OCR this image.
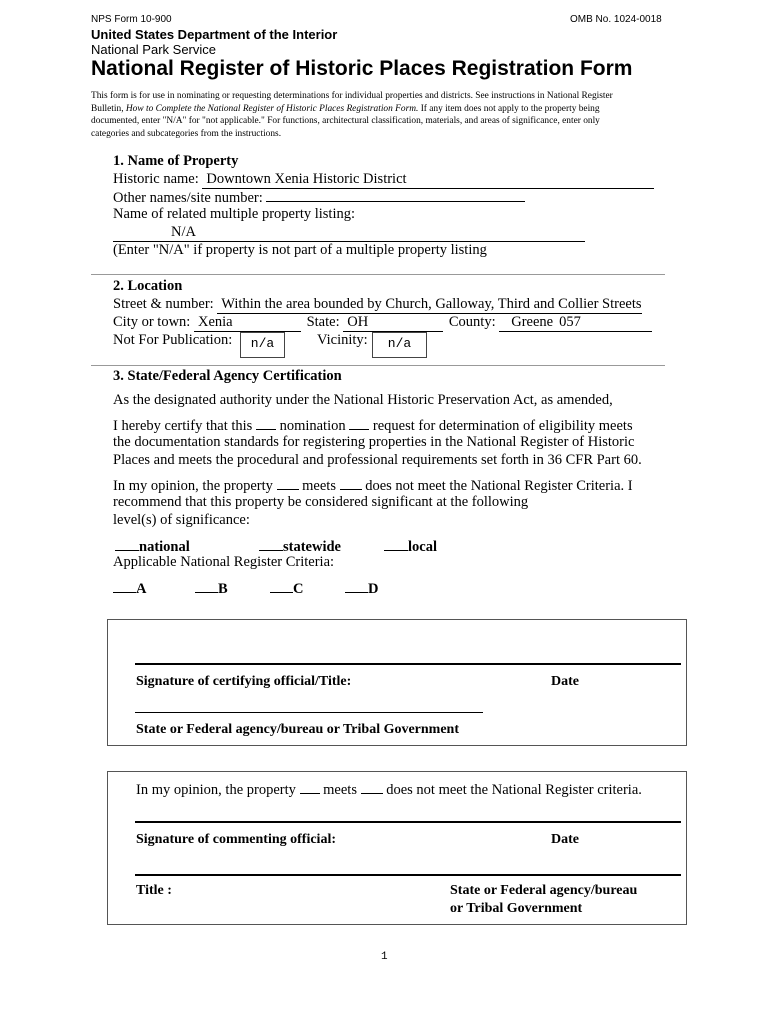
NPS Form 10-900	OMB No. 1024-0018
United States Department of the Interior
National Park Service
National Register of Historic Places Registration Form
This form is for use in nominating or requesting determinations for individual properties and districts. See instructions in National Register
Bulletin, How to Complete the National Register of Historic Places Registration Form. If any item does not apply to the property being
documented, enter "N/A" for "not applicable." For functions, architectural classification, materials, and areas of significance, enter only
categories and subcategories from the instructions.
1. Name of Property
Historic name: Downtown Xenia Historic District
Other names/site number:
Name of related multiple property listing:
N/A
(Enter "N/A" if property is not part of a multiple property listing
2. Location
Street & number: Within the area bounded by Church, Galloway, Third and Collier Streets
City or town: Xenia	State: OH	County: Greene 057
Not For Publication:	n/a	Vicinity:	n/a
3. State/Federal Agency Certification
As the designated authority under the National Historic Preservation Act, as amended,
I hereby certify that this nomination request for determination of eligibility meets
the documentation standards for registering properties in the National Register of Historic
Places and meets the procedural and professional requirements set forth in 36 CFR Part 60.
In my opinion, the property meets does not meet the National Register Criteria. I
recommend that this property be considered significant at the following
level(s) of significance:
national	statewide	local
Applicable National Register Criteria:
A	B	C	D
Signature of certifying official/Title:	Date
State or Federal agency/bureau or Tribal Government
In my opinion, the property meets does not meet the National Register criteria.
Signature of commenting official:	Date
Title :	State or Federal agency/bureau
or Tribal Government
1
